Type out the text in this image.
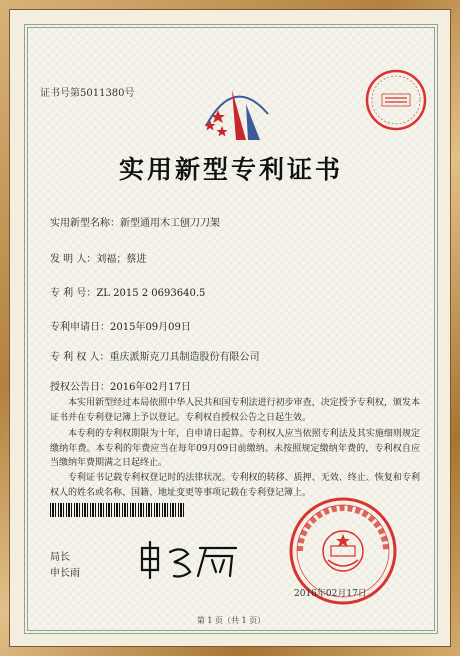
证书号第5011380号
实用新型专利证书
实用新型名称：新型通用木工刨刀刀架
发 明 人：刘福；蔡进
专 利 号：ZL 2015 2 0693640.5
专利申请日：2015年09月09日
专 利 权 人：重庆派斯克刀具制造股份有限公司
授权公告日：2016年02月17日
本实用新型经过本局依照中华人民共和国专利法进行初步审查，决定授予专利权，颁发本证书并在专利登记簿上予以登记。专利权自授权公告之日起生效。
本专利的专利权期限为十年，自申请日起算。专利权人应当依照专利法及其实施细则规定缴纳年费。本专利的年费应当在每年09月09日前缴纳。未按照规定缴纳年费的，专利权自应当缴纳年费期满之日起终止。
专利证书记载专利权登记时的法律状况。专利权的转移、质押、无效、终止、恢复和专利权人的姓名或名称、国籍、地址变更等事项记载在专利登记簿上。
局长
申长雨
2016年02月17日
第 1 页（共 1 页）
